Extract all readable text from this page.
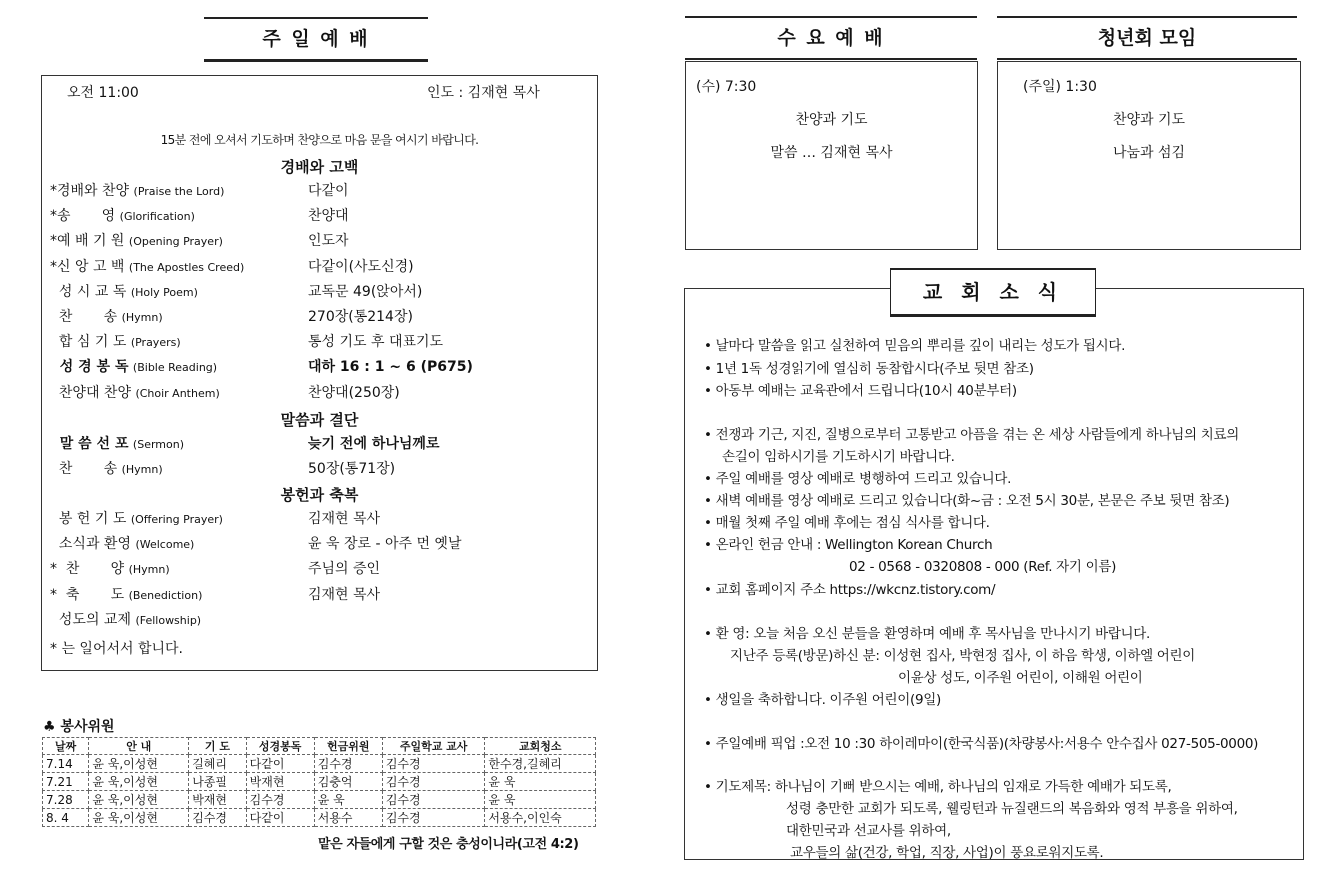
주 일 예 배
오전 11:00	인도 : 김재현 목사
15분 전에 오셔서 기도하며 찬양으로 마음 문을 여시기 바랍니다.
경배와 고백
*경배와 찬양 (Praise the Lord)	다같이
*송       영 (Glorification)	찬양대
*예 배 기 원 (Opening Prayer)	인도자
*신 앙 고 백 (The Apostles Creed)	다같이(사도신경)
성 시 교 독 (Holy Poem)	교독문 49(앉아서)
찬       송 (Hymn)	270장(통214장)
합 심 기 도 (Prayers)	통성 기도 후 대표기도
성 경 봉 독 (Bible Reading)	대하 16 : 1 ~ 6 (P675)
찬양대 찬양 (Choir Anthem)	찬양대(250장)
말씀과 결단
말 씀 선 포 (Sermon)	늦기 전에 하나님께로
찬       송 (Hymn)	50장(통71장)
봉헌과 축복
봉 헌 기 도 (Offering Prayer)	김재현 목사
소식과 환영 (Welcome)	윤 욱 장로 - 아주 먼 옛날
*  찬       양 (Hymn)	주님의 증인
*  축       도 (Benediction)	김재현 목사
성도의 교제 (Fellowship)
* 는 일어서서 합니다.
♣ 봉사위원
날짜	안 내	기 도	성경봉독	헌금위원	주일학교 교사	교회청소
7.14	윤 욱,이성현	길혜리	다같이	김수경	김수경	한수경,길혜리
7.21	윤 욱,이성현	나종필	박재현	김충억	김수경	윤 욱
7.28	윤 욱,이성현	박재현	김수경	윤 욱	김수경	윤 욱
8. 4	윤 욱,이성현	김수경	다같이	서용수	김수경	서용수,이인숙
맡은 자들에게 구할 것은 충성이니라(고전 4:2)
수 요 예 배
(수) 7:30
찬양과 기도
말씀 … 김재현 목사
청년회 모임
(주일) 1:30
찬양과 기도
나눔과 섬김
교 회 소 식

• 날마다 말씀을 읽고 실천하여 믿음의 뿌리를 깊이 내리는 성도가 됩시다.

• 1년 1독 성경읽기에 열심히 동참합시다(주보 뒷면 참조)

• 아동부 예배는 교육관에서 드립니다(10시 40분부터)

• 전쟁과 기근, 지진, 질병으로부터 고통받고 아픔을 겪는 온 세상 사람들에게 하나님의 치료의

손길이 임하시기를 기도하시기 바랍니다.

• 주일 예배를 영상 예배로 병행하여 드리고 있습니다.

• 새벽 예배를 영상 예배로 드리고 있습니다(화~금 : 오전 5시 30분, 본문은 주보 뒷면 참조)

• 매월 첫째 주일 예배 후에는 점심 식사를 합니다.

• 온라인 헌금 안내 : Wellington Korean Church

02 - 0568 - 0320808 - 000 (Ref. 자기 이름)

• 교회 홈페이지 주소 https://wkcnz.tistory.com/

• 환 영: 오늘 처음 오신 분들을 환영하며 예배 후 목사님을 만나시기 바랍니다.

지난주 등록(방문)하신 분: 이성현 집사, 박현정 집사, 이 하음 학생, 이하엘 어린이

이윤상 성도, 이주원 어린이, 이해원 어린이

• 생일을 축하합니다. 이주원 어린이(9일)

• 주일예배 픽업 :오전 10 :30 하이레마이(한국식품)(차량봉사:서용수 안수집사 027-505-0000)

• 기도제목: 하나님이 기뻐 받으시는 예배, 하나님의 임재로 가득한 예배가 되도록,

성령 충만한 교회가 되도록, 웰링턴과 뉴질랜드의 복음화와 영적 부흥을 위하여,

대한민국과 선교사를 위하여,

교우들의 삶(건강, 학업, 직장, 사업)이 풍요로워지도록.
